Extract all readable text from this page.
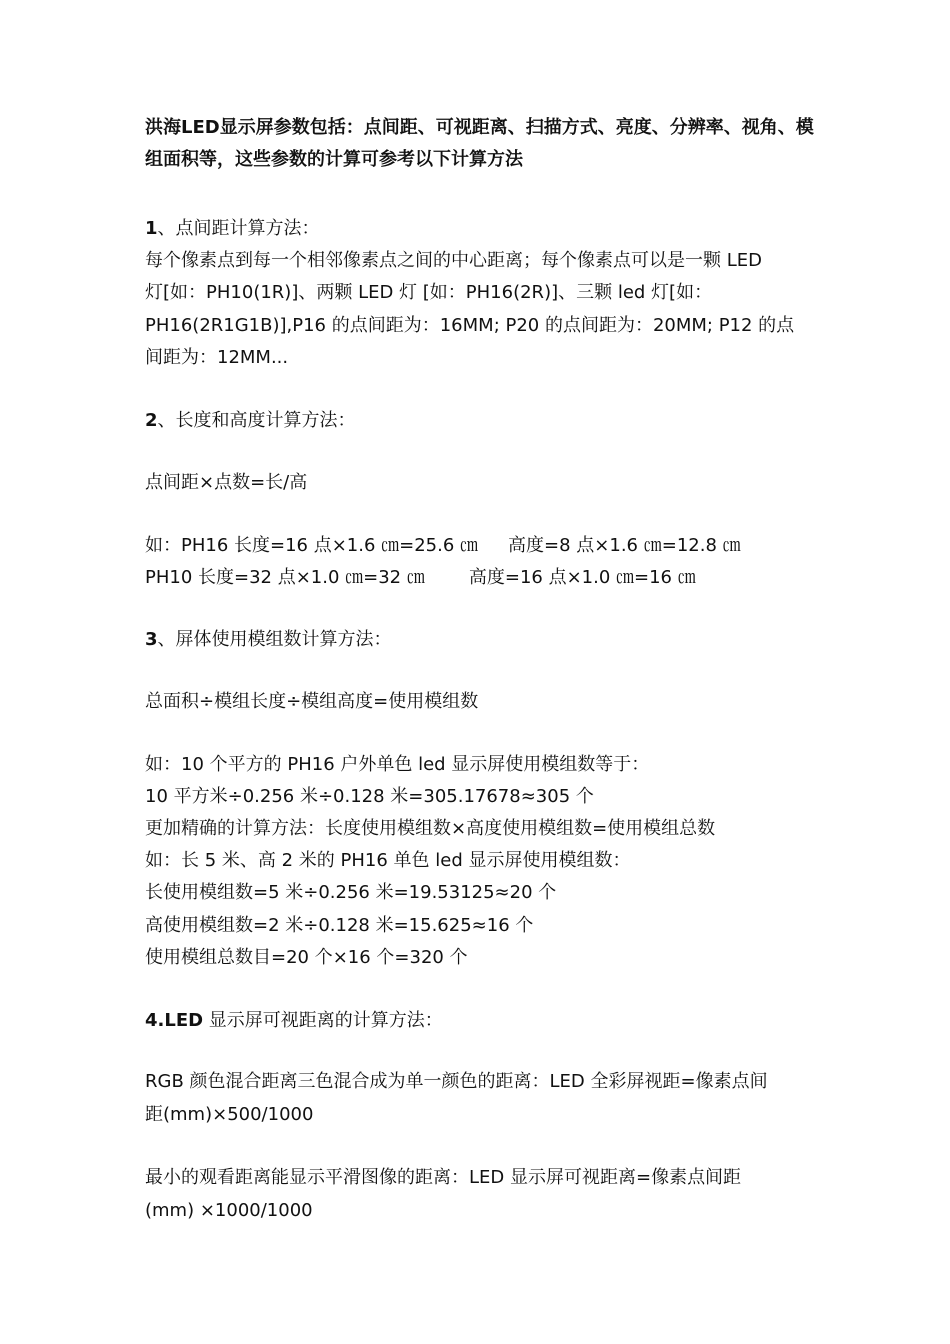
洪海LED显示屏参数包括：点间距、可视距离、扫描方式、亮度、分辨率、视角、模
组面积等，这些参数的计算可参考以下计算方法
1、点间距计算方法：
每个像素点到每一个相邻像素点之间的中心距离；每个像素点可以是一颗 LED
灯[如：PH10(1R)]、两颗 LED 灯 [如：PH16(2R)]、三颗 led 灯[如：
PH16(2R1G1B)],P16 的点间距为：16MM; P20 的点间距为：20MM; P12 的点
间距为：12MM...
2、长度和高度计算方法：
点间距×点数=长/高
如：PH16 长度=16 点×1.6 ㎝=25.6 ㎝ 高度=8 点×1.6 ㎝=12.8 ㎝
PH10 长度=32 点×1.0 ㎝=32 ㎝ 高度=16 点×1.0 ㎝=16 ㎝
3、屏体使用模组数计算方法：
总面积÷模组长度÷模组高度=使用模组数
如：10 个平方的 PH16 户外单色 led 显示屏使用模组数等于：
10 平方米÷0.256 米÷0.128 米=305.17678≈305 个
更加精确的计算方法：长度使用模组数×高度使用模组数=使用模组总数
如：长 5 米、高 2 米的 PH16 单色 led 显示屏使用模组数：
长使用模组数=5 米÷0.256 米=19.53125≈20 个
高使用模组数=2 米÷0.128 米=15.625≈16 个
使用模组总数目=20 个×16 个=320 个
4.LED 显示屏可视距离的计算方法：
RGB 颜色混合距离三色混合成为单一颜色的距离：LED 全彩屏视距=像素点间
距(mm)×500/1000
最小的观看距离能显示平滑图像的距离：LED 显示屏可视距离=像素点间距
(mm) ×1000/1000
